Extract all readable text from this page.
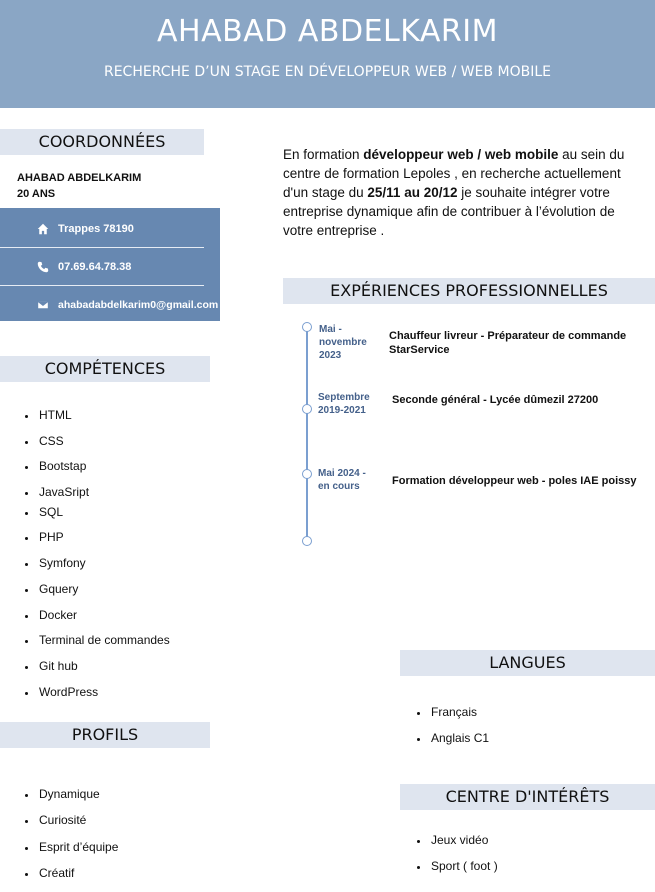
AHABAD ABDELKARIM
RECHERCHE D’UN STAGE EN DÉVELOPPEUR WEB / WEB MOBILE
COORDONNÉES
AHABAD ABDELKARIM
20 ANS
Trappes 78190
07.69.64.78.38
ahabadabdelkarim0@gmail.com
COMPÉTENCES
HTML
CSS
Bootstap
JavaSript
SQL
PHP
Symfony
Gquery
Docker
Terminal de commandes
Git hub
WordPress
PROFILS
Dynamique
Curiosité
Esprit d’équipe
Créatif
En formation développeur web / web mobile au sein du centre de formation Lepoles , en recherche actuellement d'un stage du 25/11 au 20/12 je souhaite intégrer votre entreprise dynamique afin de contribuer à l’évolution de votre entreprise .
EXPÉRIENCES PROFESSIONNELLES
Mai -
novembre
2023
Chauffeur livreur - Préparateur de commande
StarService
Septembre
2019-2021
Seconde général - Lycée dûmezil 27200
Mai 2024 -
en cours	Formation développeur web - poles IAE poissy
LANGUES
Français
Anglais C1
CENTRE D'INTÉRÊTS
Jeux vidéo
Sport ( foot )
